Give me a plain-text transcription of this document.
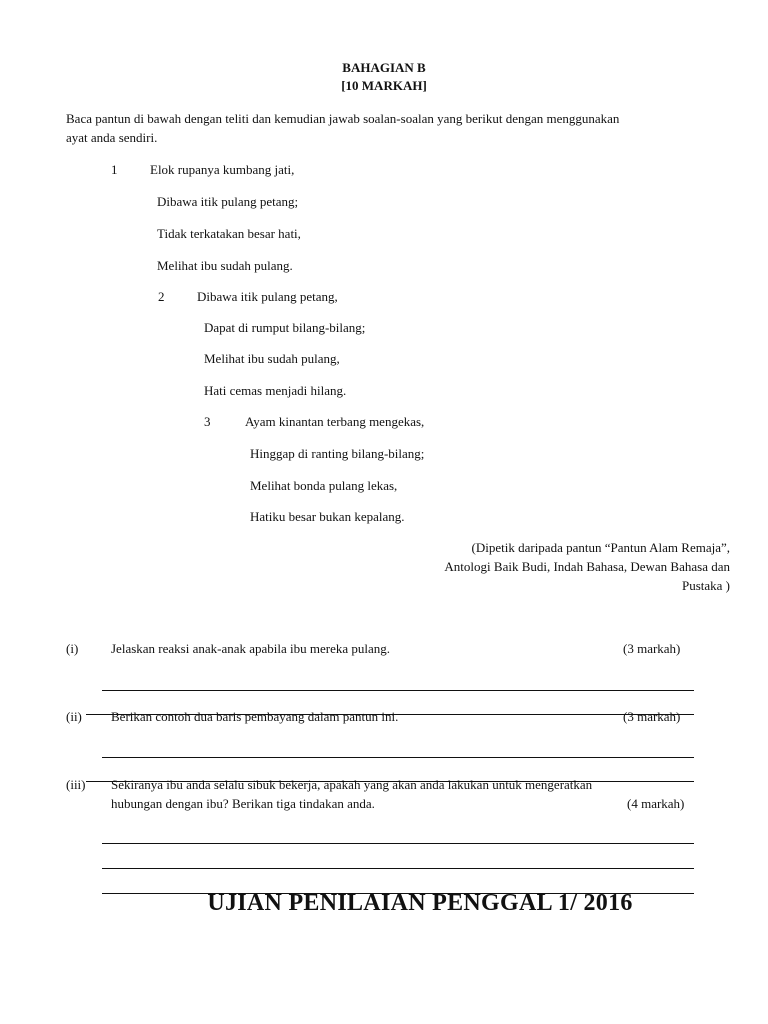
BAHAGIAN B
[10 MARKAH]
Baca pantun di bawah dengan teliti dan kemudian jawab soalan-soalan yang berikut dengan menggunakan
ayat anda sendiri.
1	Elok rupanya kumbang jati,
Dibawa itik pulang petang;
Tidak terkatakan besar hati,
Melihat ibu sudah pulang.
2	Dibawa itik pulang petang,
Dapat di rumput bilang-bilang;
Melihat ibu sudah pulang,
Hati cemas menjadi hilang.
3	Ayam kinantan terbang mengekas,
Hinggap di ranting bilang-bilang;
Melihat bonda pulang lekas,
Hatiku besar bukan kepalang.
(Dipetik daripada pantun “Pantun Alam Remaja”,
Antologi Baik Budi, Indah Bahasa, Dewan Bahasa dan
Pustaka )
(i)	Jelaskan reaksi anak-anak apabila ibu mereka pulang.	(3 markah)
(ii) Berikan contoh dua baris pembayang dalam pantun ini.	(3 markah)
(iii) Sekiranya ibu anda selalu sibuk bekerja, apakah yang akan anda lakukan untuk mengeratkan
hubungan dengan ibu? Berikan tiga tindakan anda.	(4 markah)
UJIAN PENILAIAN PENGGAL 1/ 2016
